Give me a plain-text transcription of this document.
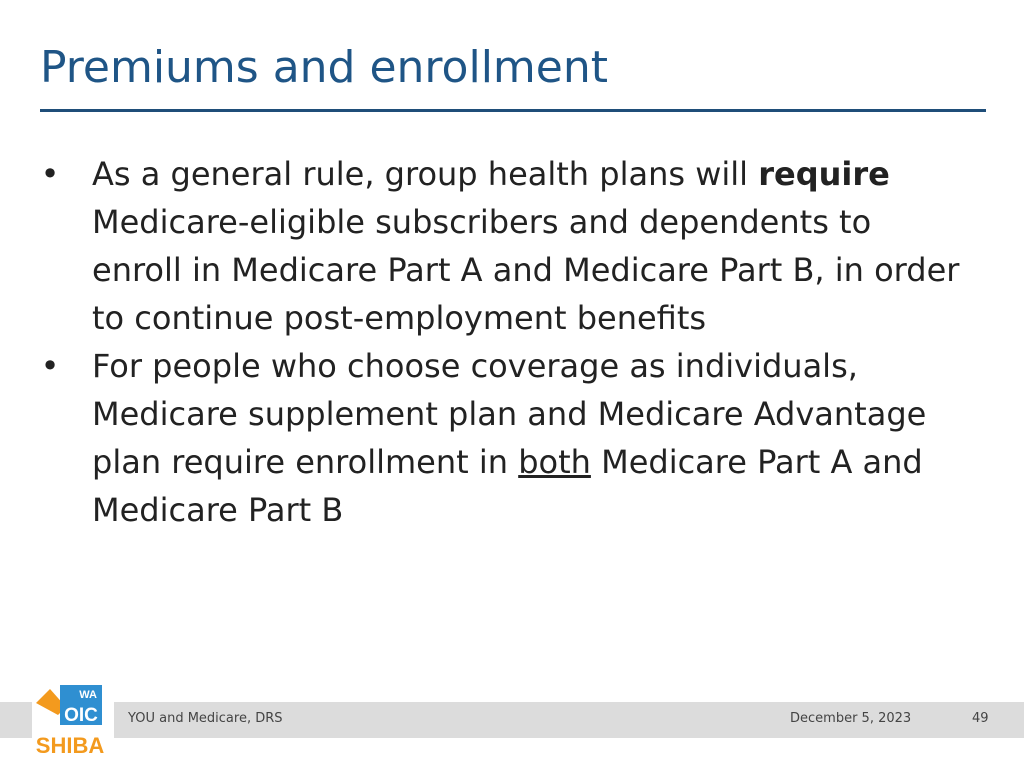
Premiums and enrollment
• As a general rule, group health plans will require Medicare-eligible subscribers and dependents to enroll in Medicare Part A and Medicare Part B, in order to continue post-employment benefits
• For people who choose coverage as individuals, Medicare supplement plan and Medicare Advantage plan require enrollment in both Medicare Part A and Medicare Part B
YOU and Medicare, DRS	December 5, 2023	49
WA
OIC
SHIBA
